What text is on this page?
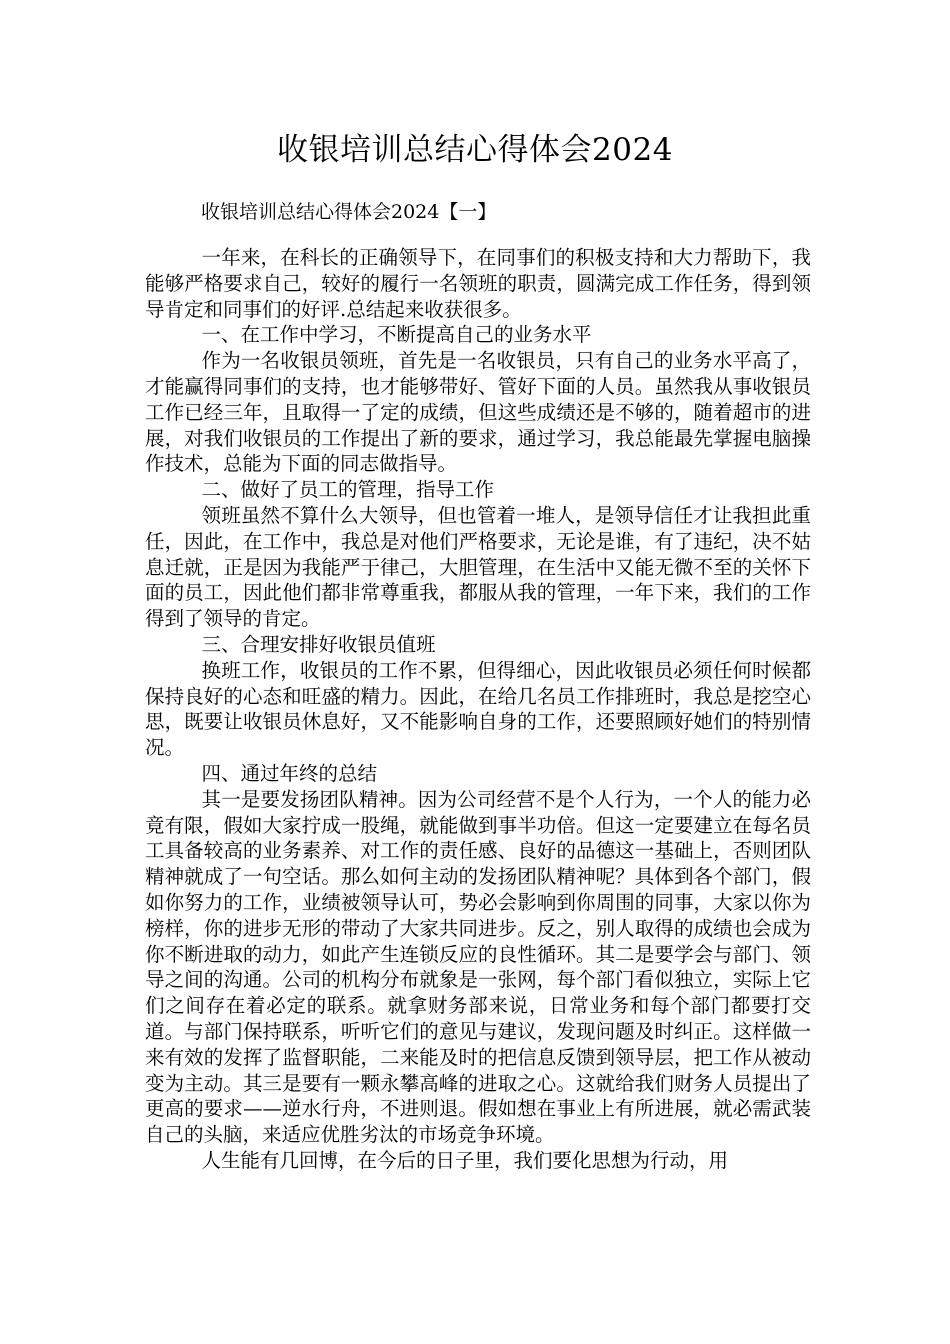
收银培训总结心得体会2024
收银培训总结心得体会2024【一】

一年来，在科长的正确领导下，在同事们的积极支持和大力帮助下，我能够严格要求自己，较好的履行一名领班的职责，圆满完成工作任务，得到领导肯定和同事们的好评.总结起来收获很多。

一、在工作中学习，不断提高自己的业务水平

作为一名收银员领班，首先是一名收银员，只有自己的业务水平高了，才能赢得同事们的支持，也才能够带好、管好下面的人员。虽然我从事收银员工作已经三年，且取得一了定的成绩，但这些成绩还是不够的，随着超市的进展，对我们收银员的工作提出了新的要求，通过学习，我总能最先掌握电脑操作技术，总能为下面的同志做指导。

二、做好了员工的管理，指导工作

领班虽然不算什么大领导，但也管着一堆人，是领导信任才让我担此重任，因此，在工作中，我总是对他们严格要求，无论是谁，有了违纪，决不姑息迁就，正是因为我能严于律己，大胆管理，在生活中又能无微不至的关怀下面的员工，因此他们都非常尊重我，都服从我的管理，一年下来，我们的工作得到了领导的肯定。

三、合理安排好收银员值班

换班工作，收银员的工作不累，但得细心，因此收银员必须任何时候都保持良好的心态和旺盛的精力。因此，在给几名员工作排班时，我总是挖空心思，既要让收银员休息好，又不能影响自身的工作，还要照顾好她们的特别情况。

四、通过年终的总结

其一是要发扬团队精神。因为公司经营不是个人行为，一个人的能力必竟有限，假如大家拧成一股绳，就能做到事半功倍。但这一定要建立在每名员工具备较高的业务素养、对工作的责任感、良好的品德这一基础上，否则团队精神就成了一句空话。那么如何主动的发扬团队精神呢？具体到各个部门，假如你努力的工作，业绩被领导认可，势必会影响到你周围的同事，大家以你为榜样，你的进步无形的带动了大家共同进步。反之，别人取得的成绩也会成为你不断进取的动力，如此产生连锁反应的良性循环。其二是要学会与部门、领导之间的沟通。公司的机构分布就象是一张网，每个部门看似独立，实际上它们之间存在着必定的联系。就拿财务部来说，日常业务和每个部门都要打交道。与部门保持联系，听听它们的意见与建议，发现问题及时纠正。这样做一来有效的发挥了监督职能，二来能及时的把信息反馈到领导层，把工作从被动变为主动。其三是要有一颗永攀高峰的进取之心。这就给我们财务人员提出了更高的要求——逆水行舟，不进则退。假如想在事业上有所进展，就必需武装自己的头脑，来适应优胜劣汰的市场竞争环境。

人生能有几回博，在今后的日子里，我们要化思想为行动，用
